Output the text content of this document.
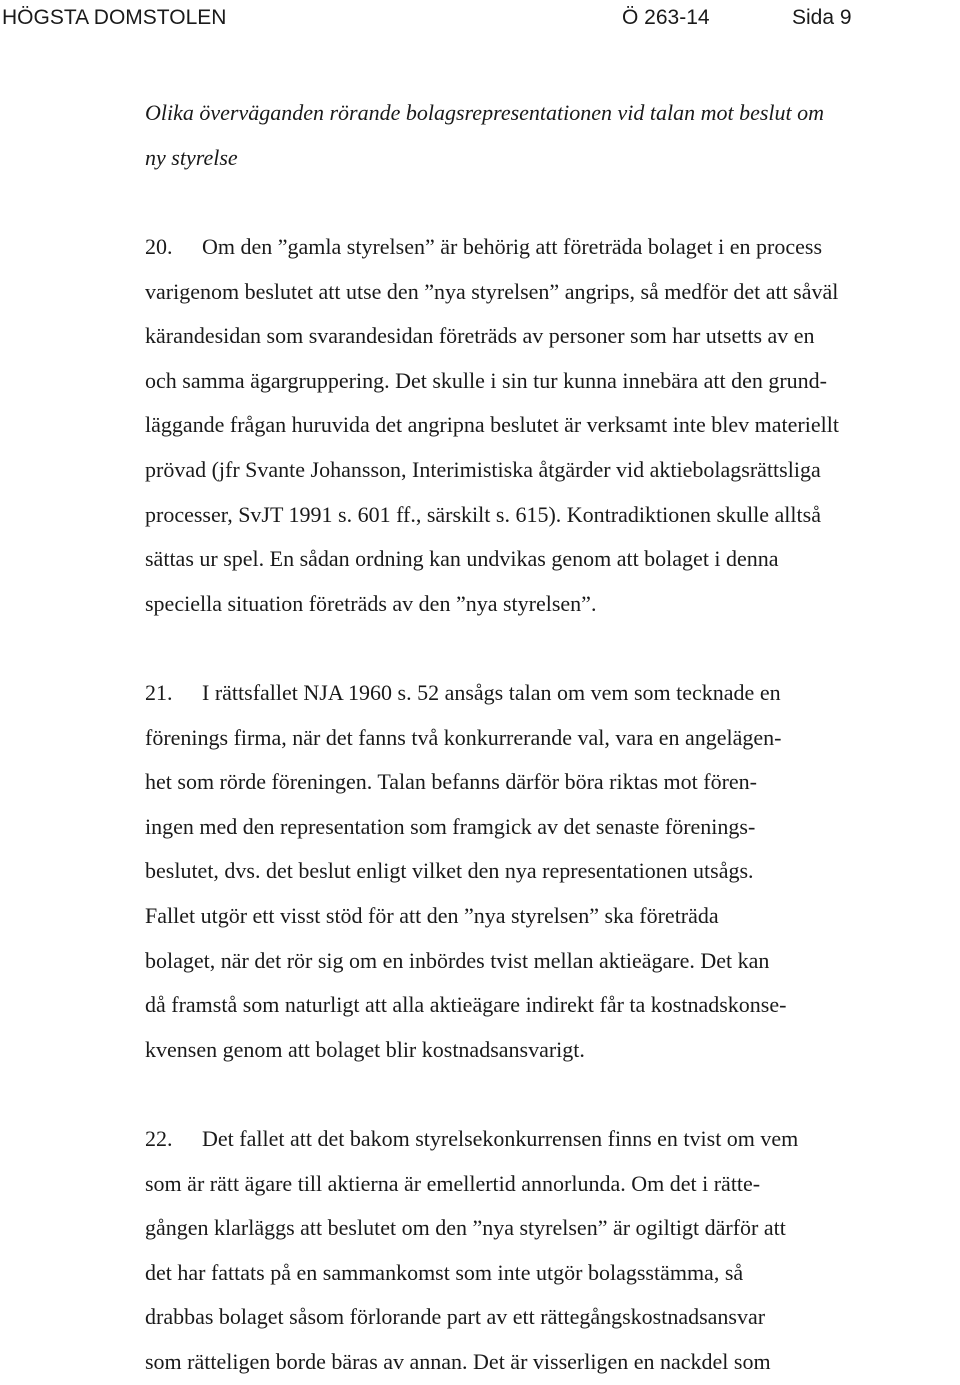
HÖGSTA DOMSTOLEN	Ö 263-14	Sida 9
Olika överväganden rörande bolagsrepresentationen vid talan mot beslut om
ny styrelse
20. Om den ”gamla styrelsen” är behörig att företräda bolaget i en process
varigenom beslutet att utse den ”nya styrelsen” angrips, så medför det att såväl
kärandesidan som svarandesidan företräds av personer som har utsetts av en
och samma ägargruppering. Det skulle i sin tur kunna innebära att den grund-
läggande frågan huruvida det angripna beslutet är verksamt inte blev materiellt
prövad (jfr Svante Johansson, Interimistiska åtgärder vid aktiebolagsrättsliga
processer, SvJT 1991 s. 601 ff., särskilt s. 615). Kontradiktionen skulle alltså
sättas ur spel. En sådan ordning kan undvikas genom att bolaget i denna
speciella situation företräds av den ”nya styrelsen”.
21. I rättsfallet NJA 1960 s. 52 ansågs talan om vem som tecknade en
förenings firma, när det fanns två konkurrerande val, vara en angelägen-
het som rörde föreningen. Talan befanns därför böra riktas mot fören-
ingen med den representation som framgick av det senaste förenings-
beslutet, dvs. det beslut enligt vilket den nya representationen utsågs.
Fallet utgör ett visst stöd för att den ”nya styrelsen” ska företräda
bolaget, när det rör sig om en inbördes tvist mellan aktieägare. Det kan
då framstå som naturligt att alla aktieägare indirekt får ta kostnadskonse-
kvensen genom att bolaget blir kostnadsansvarigt.
22. Det fallet att det bakom styrelsekonkurrensen finns en tvist om vem
som är rätt ägare till aktierna är emellertid annorlunda. Om det i rätte-
gången klarläggs att beslutet om den ”nya styrelsen” är ogiltigt därför att
det har fattats på en sammankomst som inte utgör bolagsstämma, så
drabbas bolaget såsom förlorande part av ett rättegångskostnadsansvar
som rätteligen borde bäras av annan. Det är visserligen en nackdel som
